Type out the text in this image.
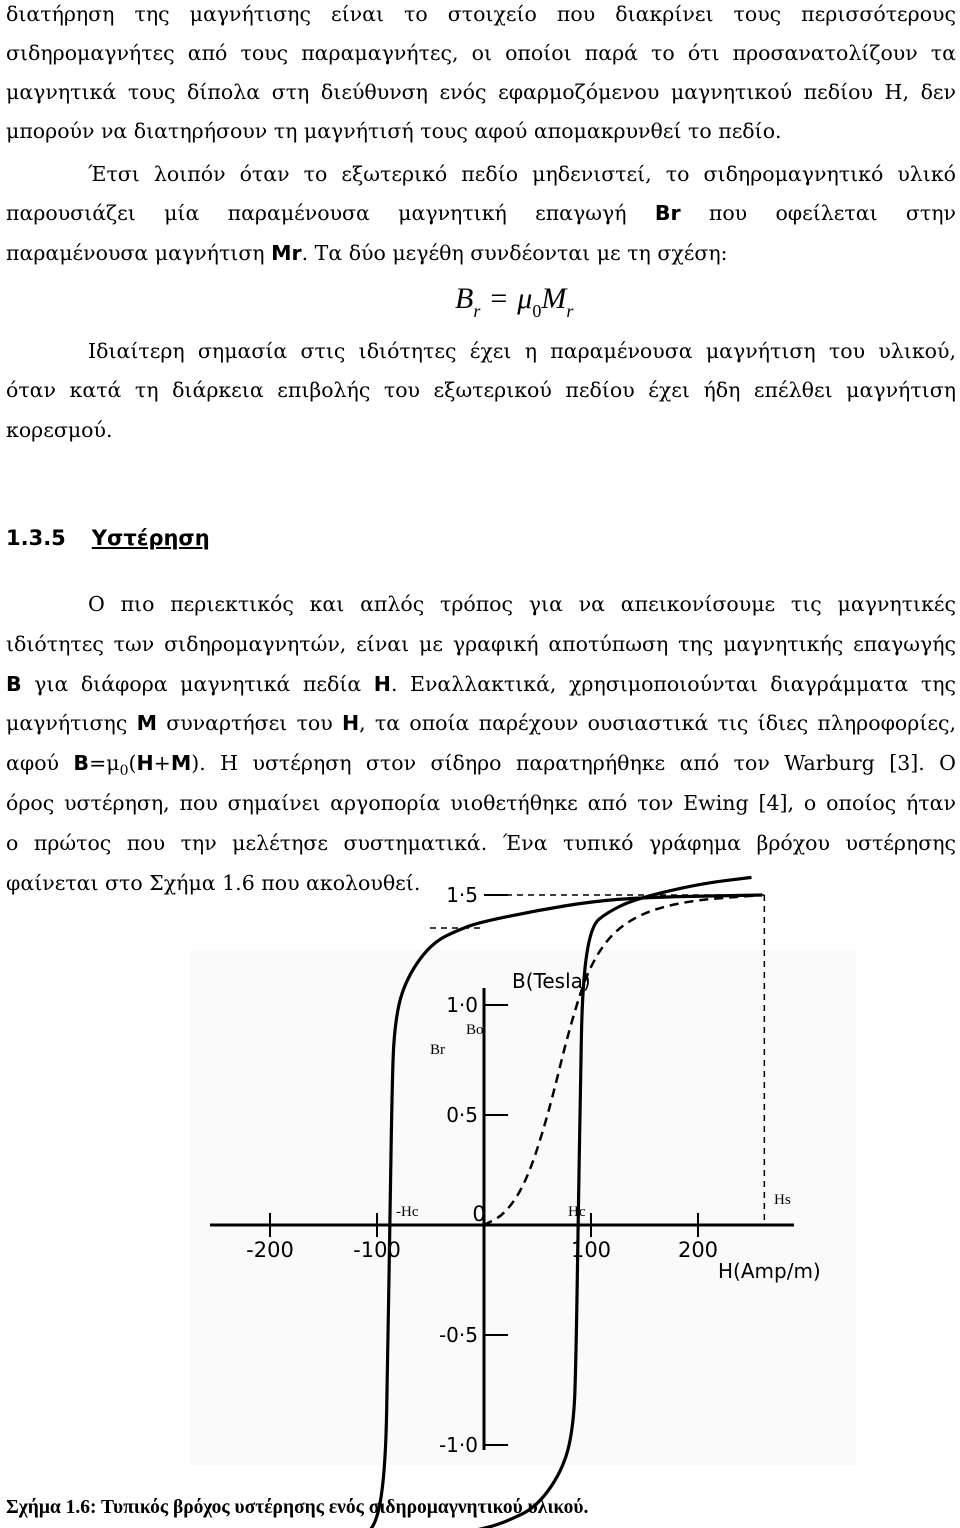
διατήρηση της μαγνήτισης είναι το στοιχείο που διακρίνει τους περισσότερους
σιδηρομαγνήτες από τους παραμαγνήτες, οι οποίοι παρά το ότι προσανατολίζουν τα
μαγνητικά τους δίπολα στη διεύθυνση ενός εφαρμοζόμενου μαγνητικού πεδίου Η, δεν
μπορούν να διατηρήσουν τη μαγνήτισή τους αφού απομακρυνθεί το πεδίο.
Έτσι λοιπόν όταν το εξωτερικό πεδίο μηδενιστεί, το σιδηρομαγνητικό υλικό
παρουσιάζει μία παραμένουσα μαγνητική επαγωγή Br που οφείλεται στην
παραμένουσα μαγνήτιση Mr. Τα δύο μεγέθη συνδέονται με τη σχέση:
$B_r = \mu_0M_r$
Ιδιαίτερη σημασία στις ιδιότητες έχει η παραμένουσα μαγνήτιση του υλικού,
όταν κατά τη διάρκεια επιβολής του εξωτερικού πεδίου έχει ήδη επέλθει μαγνήτιση
κορεσμού.
1.3.5 Υστέρηση
Ο πιο περιεκτικός και απλός τρόπος για να απεικονίσουμε τις μαγνητικές
ιδιότητες των σιδηρομαγνητών, είναι με γραφική αποτύπωση της μαγνητικής επαγωγής
B για διάφορα μαγνητικά πεδία H. Εναλλακτικά, χρησιμοποιούνται διαγράμματα της
μαγνήτισης M συναρτήσει του H, τα οποία παρέχουν ουσιαστικά τις ίδιες πληροφορίες,
αφού $B=\mu_0(H+M)$. Η υστέρηση στον σίδηρο παρατηρήθηκε από τον Warburg [3]. Ο
όρος υστέρηση, που σημαίνει αργοπορία υιοθετήθηκε από τον Ewing [4], ο οποίος ήταν
ο πρώτος που την μελέτησε συστηματικά. Ένα τυπικό γράφημα βρόχου υστέρησης
φαίνεται στο Σχήμα 1.6 που ακολουθεί.
-200	-100
0
100	200
1·5
1·0
0·5
-0·5
-1·0
B(Tesla)
H(Amp/m)
Bo
Br
-Hc	Hc
Hs
Σχήμα 1.6: Τυπικός βρόχος υστέρησης ενός σιδηρομαγνητικού υλικού.
